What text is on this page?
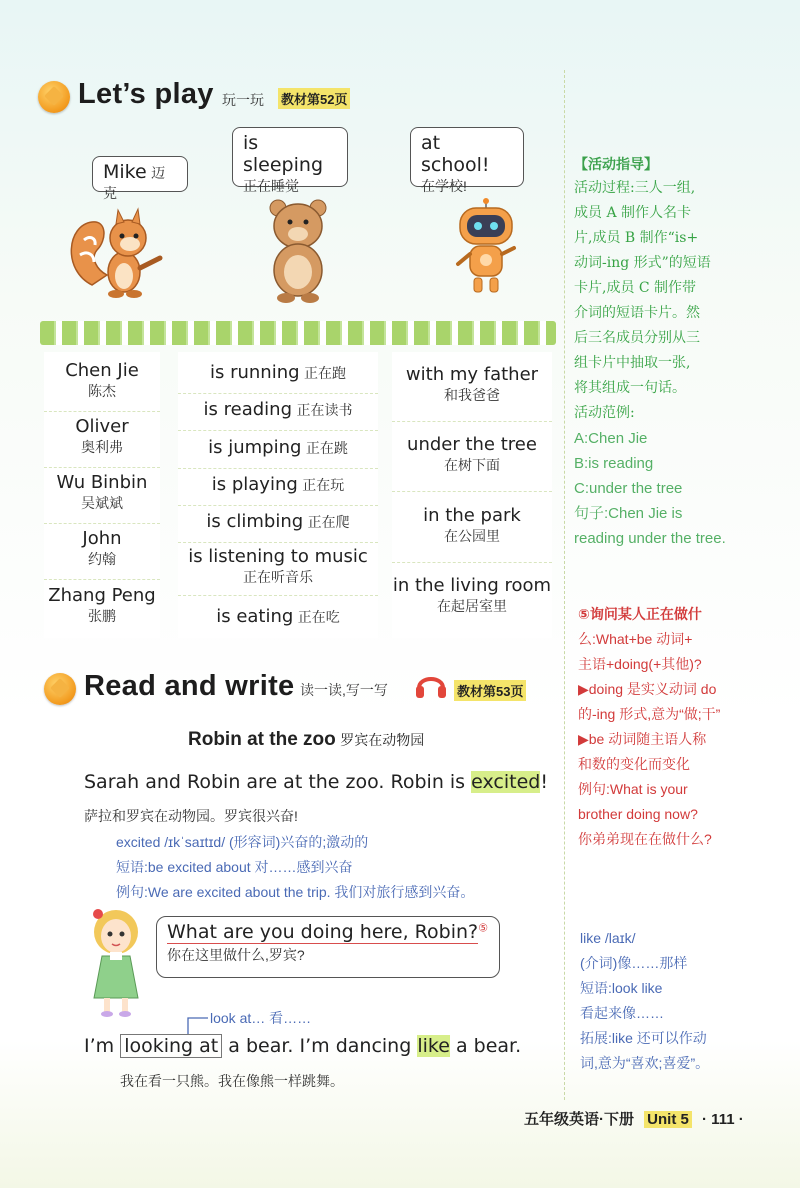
Let’s play 玩一玩 教材第52页
Mike 迈克
is sleeping
正在睡觉
at school!
在学校!
Chen Jie
陈杰
Oliver
奥利弗
Wu Binbin
吴斌斌
John
约翰
Zhang Peng
张鹏
is running 正在跑
is reading 正在读书
is jumping 正在跳
is playing 正在玩
is climbing 正在爬
is listening to music
正在听音乐
is eating 正在吃
with my father
和我爸爸
under the tree
在树下面
in the park
在公园里
in the living room
在起居室里
【活动指导】
活动过程:三人一组,
成员 A 制作人名卡
片,成员 B 制作“is+
动词-ing 形式”的短语
卡片,成员 C 制作带
介词的短语卡片。然
后三名成员分别从三
组卡片中抽取一张,
将其组成一句话。
活动范例:
A:Chen Jie
B:is reading
C:under the tree
句子:Chen Jie is
reading under the tree.
⑤询问某人正在做什
么:What+be 动词+
主语+doing(+其他)?
▶doing 是实义动词 do
的-ing 形式,意为“做;干”
▶be 动词随主语人称
和数的变化而变化
例句:What is your
brother doing now?
你弟弟现在在做什么?
like /laɪk/
(介词)像……那样
短语:look like
看起来像……
拓展:like 还可以作动
词,意为“喜欢;喜爱”。
Read and write 读一读,写一写	教材第53页
Robin at the zoo 罗宾在动物园
Sarah and Robin are at the zoo. Robin is excited!
萨拉和罗宾在动物园。罗宾很兴奋!
excited /ɪkˈsaɪtɪd/ (形容词)兴奋的;激动的
短语:be excited about 对……感到兴奋
例句:We are excited about the trip. 我们对旅行感到兴奋。
What are you doing here, Robin?⑤
你在这里做什么,罗宾?
look at… 看……
I’m looking at a bear. I’m dancing like a bear.
我在看一只熊。我在像熊一样跳舞。
五年级英语·下册 Unit 5 · 111 ·
